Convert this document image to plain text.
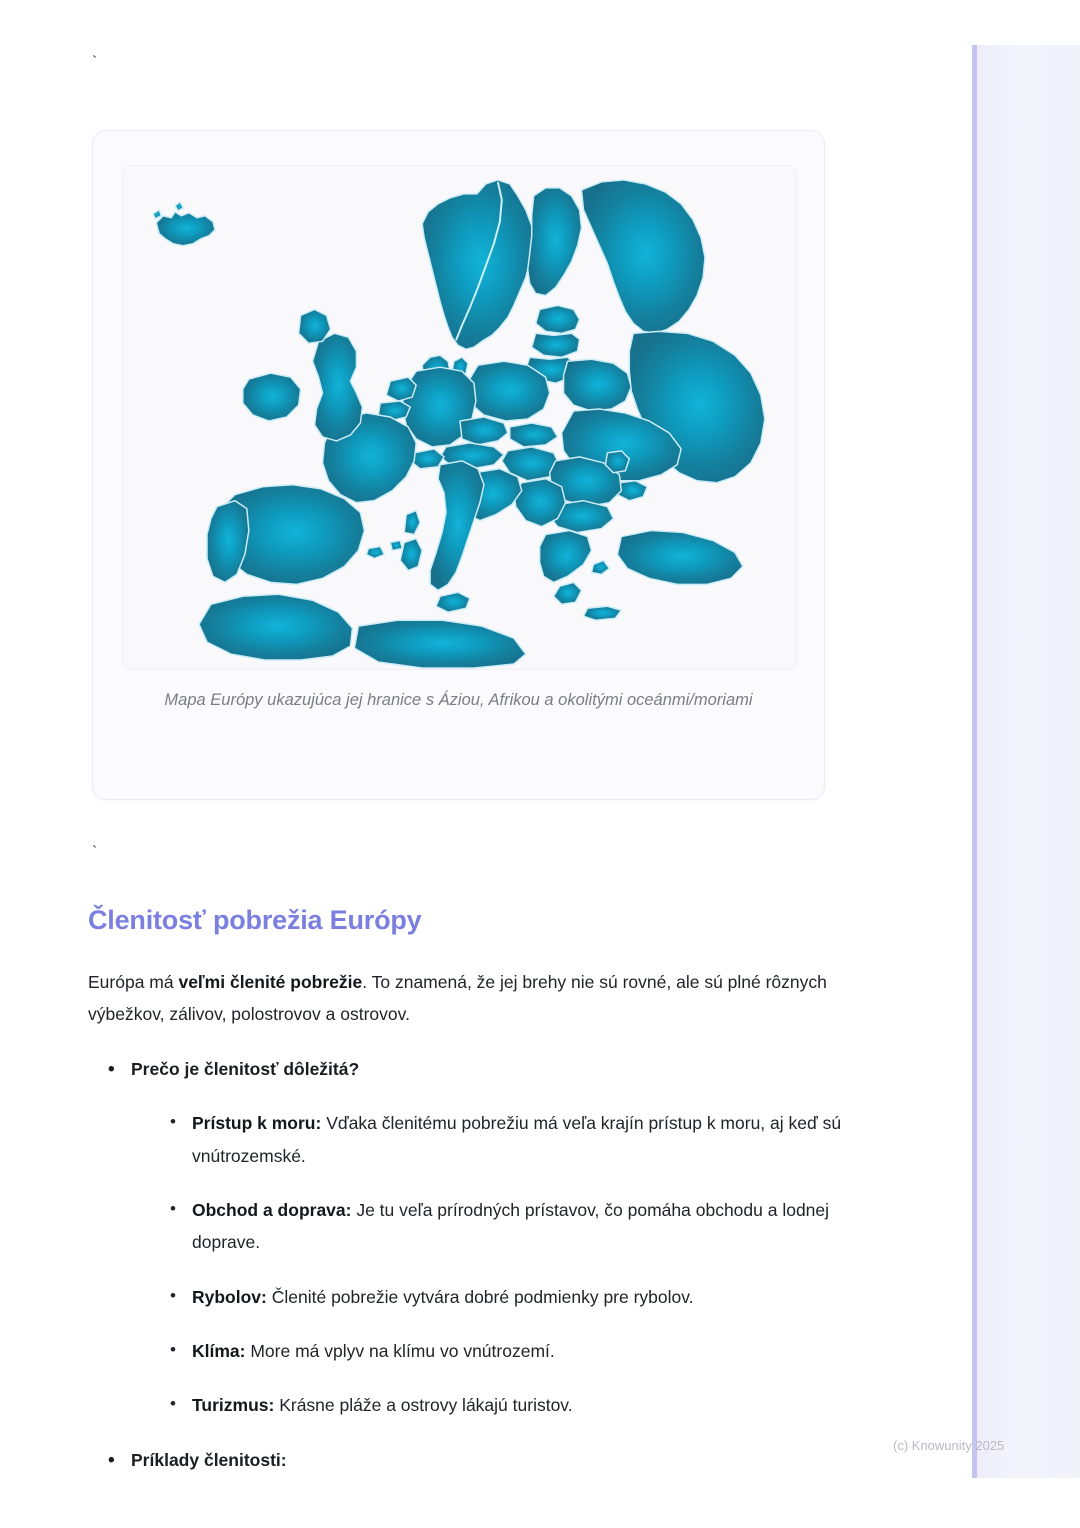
`
Mapa Európy ukazujúca jej hranice s Áziou, Afrikou a okolitými oceánmi/moriami
`
Členitosť pobrežia Európy

Európa má veľmi členité pobrežie. To znamená, že jej brehy nie sú rovné, ale sú plné rôznych výbežkov, zálivov, polostrovov a ostrovov.

• Prečo je členitosť dôležitá?
• Prístup k moru: Vďaka členitému pobrežiu má veľa krajín prístup k moru, aj keď sú vnútrozemské.
• Obchod a doprava: Je tu veľa prírodných prístavov, čo pomáha obchodu a lodnej doprave.
• Rybolov: Členité pobrežie vytvára dobré podmienky pre rybolov.
• Klíma: More má vplyv na klímu vo vnútrozemí.
• Turizmus: Krásne pláže a ostrovy lákajú turistov.
• Príklady členitosti:
(c) Knowunity 2025
